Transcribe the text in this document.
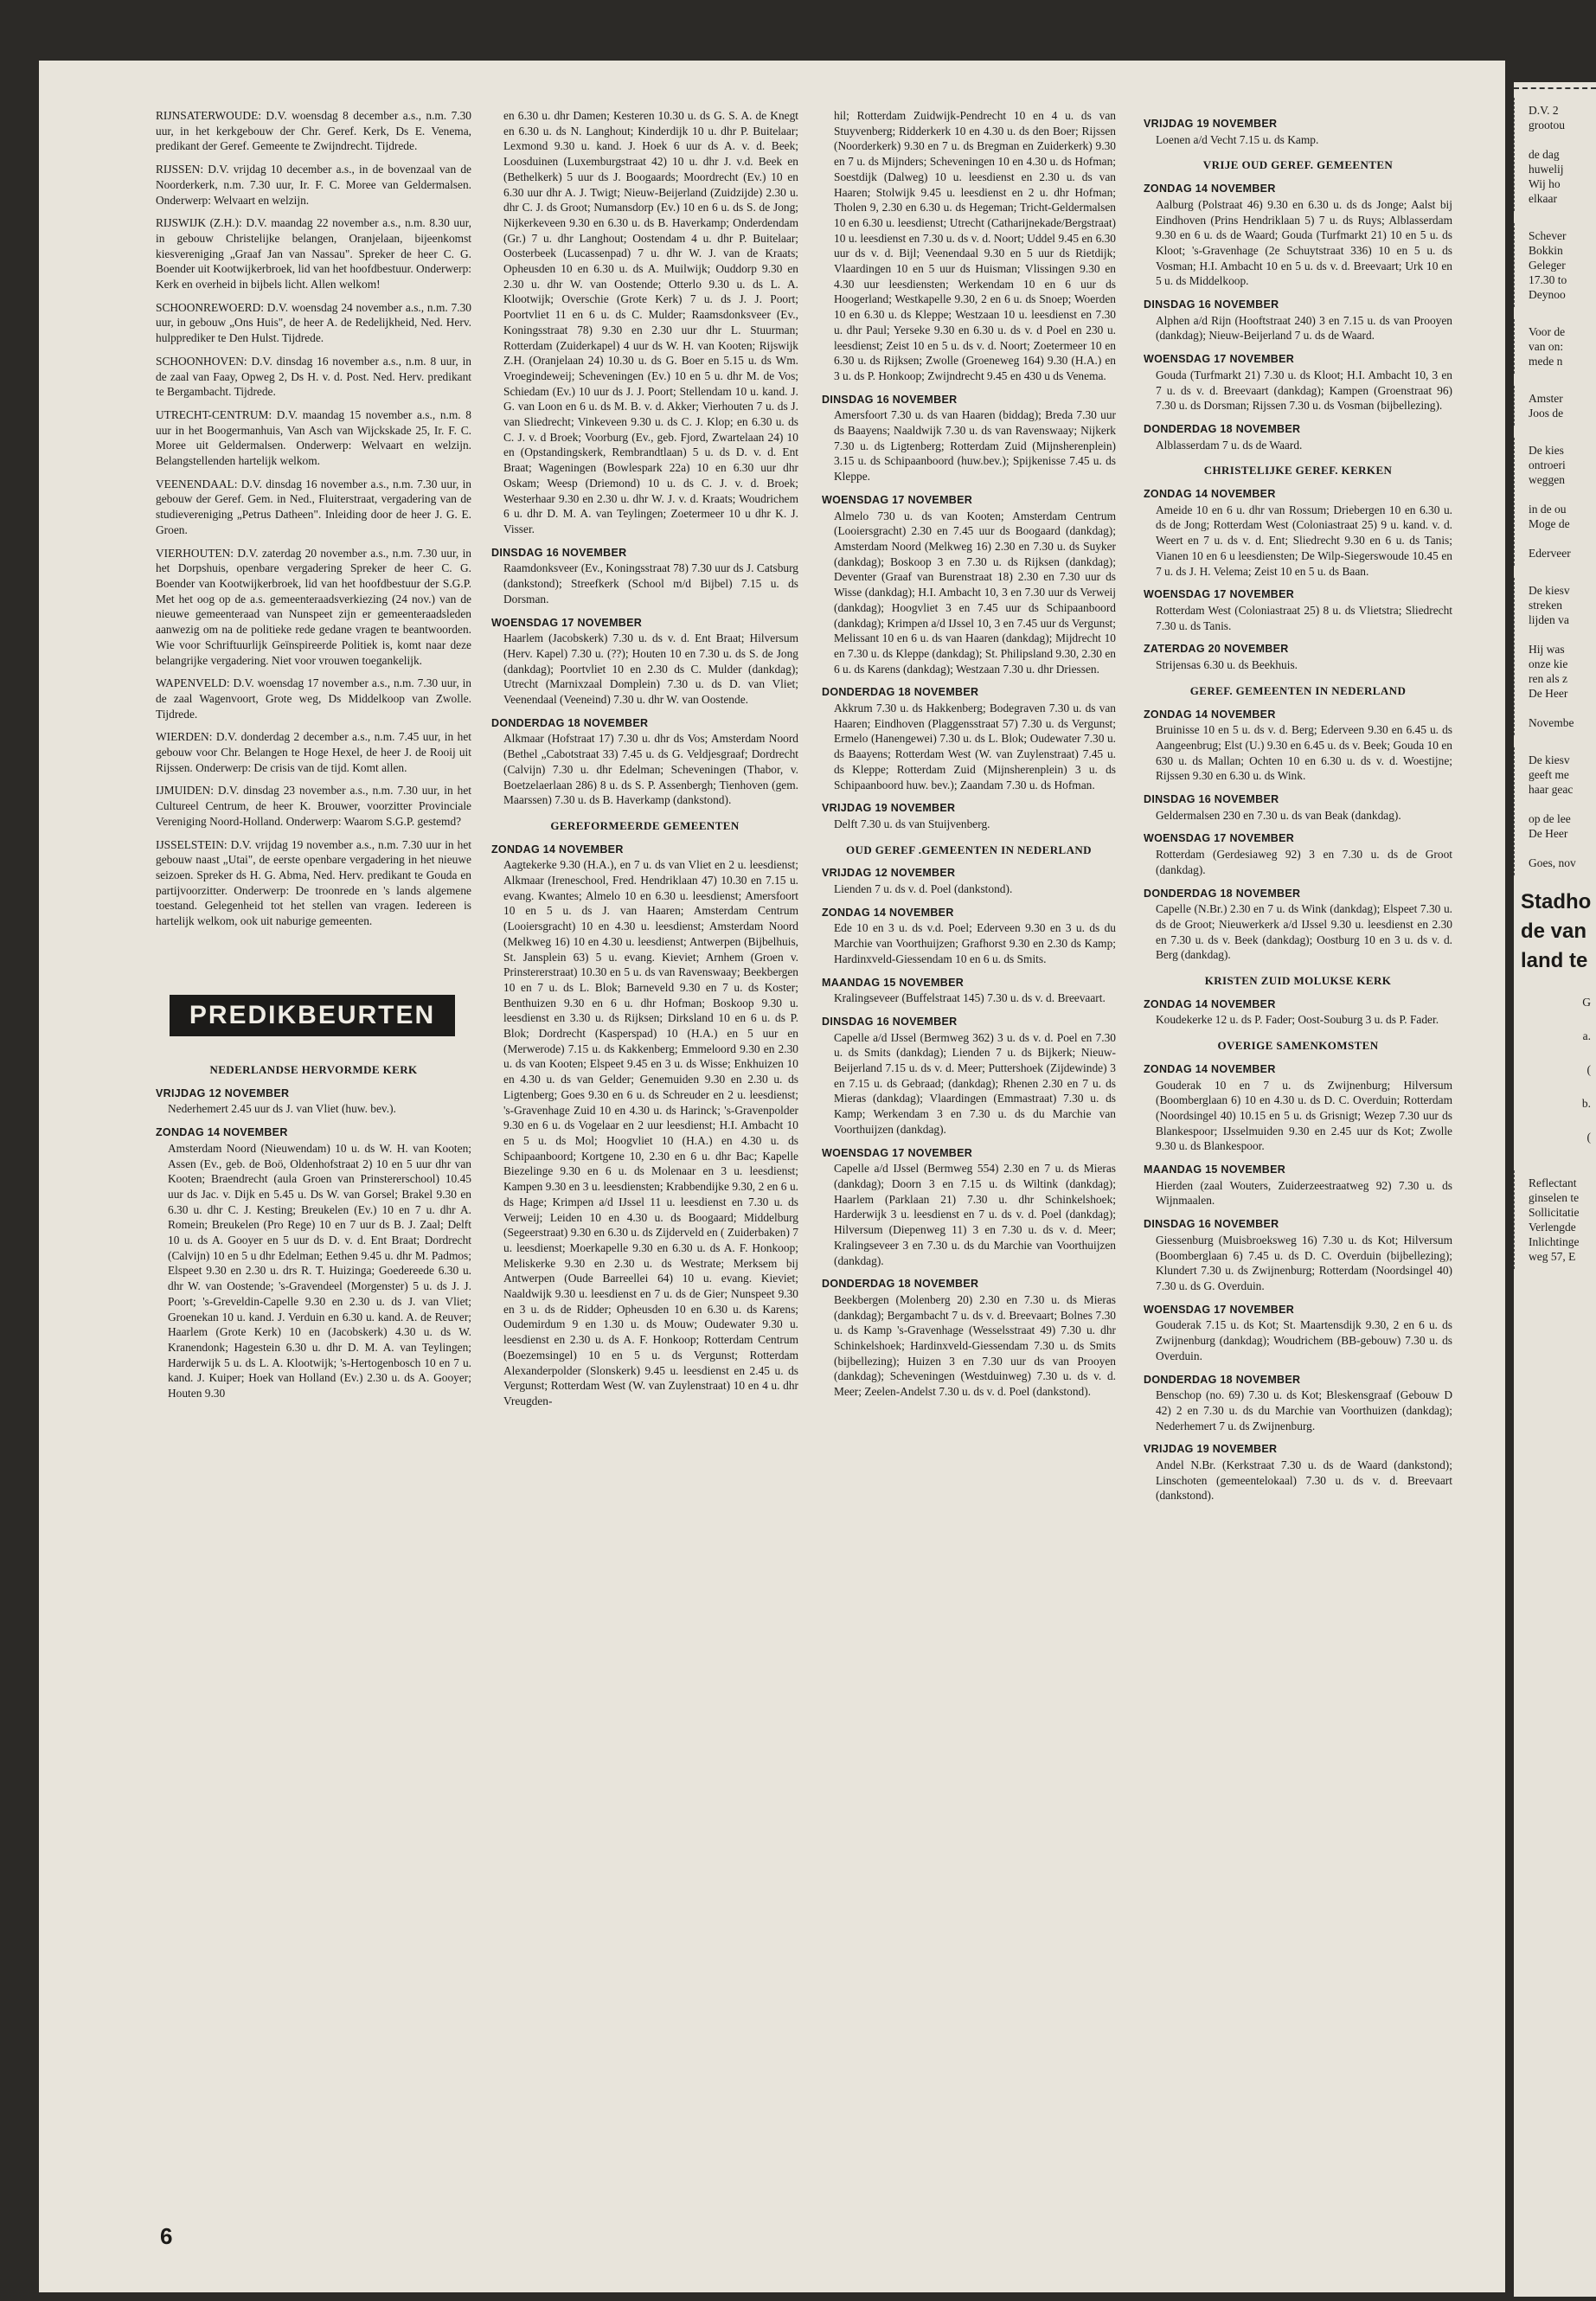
RIJNSATERWOUDE: D.V. woensdag 8 december a.s., n.m. 7.30 uur, in het kerkgebouw der Chr. Geref. Kerk, Ds E. Venema, predikant der Geref. Gemeente te Zwijndrecht. Tijdrede.

RIJSSEN: D.V. vrijdag 10 december a.s., in de bovenzaal van de Noorderkerk, n.m. 7.30 uur, Ir. F. C. Moree van Geldermalsen. Onderwerp: Welvaart en welzijn.

RIJSWIJK (Z.H.): D.V. maandag 22 november a.s., n.m. 8.30 uur, in gebouw Christelijke belangen, Oranjelaan, bijeenkomst kiesvereniging „Graaf Jan van Nassau". Spreker de heer C. G. Boender uit Kootwijkerbroek, lid van het hoofdbestuur. Onderwerp: Kerk en overheid in bijbels licht. Allen welkom!

SCHOONREWOERD: D.V. woensdag 24 november a.s., n.m. 7.30 uur, in gebouw „Ons Huis", de heer A. de Redelijkheid, Ned. Herv. hulpprediker te Den Hulst. Tijdrede.

SCHOONHOVEN: D.V. dinsdag 16 november a.s., n.m. 8 uur, in de zaal van Faay, Opweg 2, Ds H. v. d. Post. Ned. Herv. predikant te Bergambacht. Tijdrede.

UTRECHT-CENTRUM: D.V. maandag 15 november a.s., n.m. 8 uur in het Boogermanhuis, Van Asch van Wijckskade 25, Ir. F. C. Moree uit Geldermalsen. Onderwerp: Welvaart en welzijn. Belangstellenden hartelijk welkom.

VEENENDAAL: D.V. dinsdag 16 november a.s., n.m. 7.30 uur, in gebouw der Geref. Gem. in Ned., Fluiterstraat, vergadering van de studievereniging „Petrus Datheen". Inleiding door de heer J. G. E. Groen.

VIERHOUTEN: D.V. zaterdag 20 november a.s., n.m. 7.30 uur, in het Dorpshuis, openbare vergadering Spreker de heer C. G. Boender van Kootwijkerbroek, lid van het hoofdbestuur der S.G.P. Met het oog op de a.s. gemeenteraadsverkiezing (24 nov.) van de nieuwe gemeenteraad van Nunspeet zijn er gemeenteraadsleden aanwezig om na de politieke rede gedane vragen te beantwoorden. Wie voor Schriftuurlijk Geïnspireerde Politiek is, komt naar deze belangrijke vergadering. Niet voor vrouwen toegankelijk.

WAPENVELD: D.V. woensdag 17 november a.s., n.m. 7.30 uur, in de zaal Wagenvoort, Grote weg, Ds Middelkoop van Zwolle. Tijdrede.

WIERDEN: D.V. donderdag 2 december a.s., n.m. 7.45 uur, in het gebouw voor Chr. Belangen te Hoge Hexel, de heer J. de Rooij uit Rijssen. Onderwerp: De crisis van de tijd. Komt allen.

IJMUIDEN: D.V. dinsdag 23 november a.s., n.m. 7.30 uur, in het Cultureel Centrum, de heer K. Brouwer, voorzitter Provinciale Vereniging Noord-Holland. Onderwerp: Waarom S.G.P. gestemd?

IJSSELSTEIN: D.V. vrijdag 19 november a.s., n.m. 7.30 uur in het gebouw naast „Utai", de eerste openbare vergadering in het nieuwe seizoen. Spreker ds H. G. Abma, Ned. Herv. predikant te Gouda en partijvoorzitter. Onderwerp: De troonrede en 's lands algemene toestand. Gelegenheid tot het stellen van vragen. Iedereen is hartelijk welkom, ook uit naburige gemeenten.

PREDIKBEURTEN
NEDERLANDSE HERVORMDE KERK
VRIJDAG 12 NOVEMBER

Nederhemert 2.45 uur ds J. van Vliet (huw. bev.).

ZONDAG 14 NOVEMBER

Amsterdam Noord (Nieuwendam) 10 u. ds W. H. van Kooten; Assen (Ev., geb. de Boö, Oldenhofstraat 2) 10 en 5 uur dhr van Kooten; Braendrecht (aula Groen van Prinstererschool) 10.45 uur ds Jac. v. Dijk en 5.45 u. Ds W. van Gorsel; Brakel 9.30 en 6.30 u. dhr C. J. Kesting; Breukelen (Ev.) 10 en 7 u. dhr A. Romein; Breukelen (Pro Rege) 10 en 7 uur ds B. J. Zaal; Delft 10 u. ds A. Gooyer en 5 uur ds D. v. d. Ent Braat; Dordrecht (Calvijn) 10 en 5 u dhr Edelman; Eethen 9.45 u. dhr M. Padmos; Elspeet 9.30 en 2.30 u. drs R. T. Huizinga; Goedereede 6.30 u. dhr W. van Oostende; 's-Gravendeel (Morgenster) 5 u. ds J. J. Poort; 's-Greveldin-Capelle 9.30 en 2.30 u. ds J. van Vliet; Groenekan 10 u. kand. J. Verduin en 6.30 u. kand. A. de Reuver; Haarlem (Grote Kerk) 10 en (Jacobskerk) 4.30 u. ds W. Kranendonk; Hagestein 6.30 u. dhr D. M. A. van Teylingen; Harderwijk 5 u. ds L. A. Klootwijk; 's-Hertogenbosch 10 en 7 u. kand. J. Kuiper; Hoek van Holland (Ev.) 2.30 u. ds A. Gooyer; Houten 9.30

en 6.30 u. dhr Damen; Kesteren 10.30 u. ds G. S. A. de Knegt en 6.30 u. ds N. Langhout; Kinderdijk 10 u. dhr P. Buitelaar; Lexmond 9.30 u. kand. J. Hoek 6 uur ds A. v. d. Beek; Loosduinen (Luxemburgstraat 42) 10 u. dhr J. v.d. Beek en (Bethelkerk) 5 uur ds J. Boogaards; Moordrecht (Ev.) 10 en 6.30 uur dhr A. J. Twigt; Nieuw-Beijerland (Zuidzijde) 2.30 u. dhr C. J. ds Groot; Numansdorp (Ev.) 10 en 6 u. ds S. de Jong; Nijkerkeveen 9.30 en 6.30 u. ds B. Haverkamp; Onderdendam (Gr.) 7 u. dhr Langhout; Oostendam 4 u. dhr P. Buitelaar; Oosterbeek (Lucassenpad) 7 u. dhr W. J. van de Kraats; Opheusden 10 en 6.30 u. ds A. Muilwijk; Ouddorp 9.30 en 2.30 u. dhr W. van Oostende; Otterlo 9.30 u. ds L. A. Klootwijk; Overschie (Grote Kerk) 7 u. ds J. J. Poort; Poortvliet 11 en 6 u. ds C. Mulder; Raamsdonksveer (Ev., Koningsstraat 78) 9.30 en 2.30 uur dhr L. Stuurman; Rotterdam (Zuiderkapel) 4 uur ds W. H. van Kooten; Rijswijk Z.H. (Oranjelaan 24) 10.30 u. ds G. Boer en 5.15 u. ds Wm. Vroegindeweij; Scheveningen (Ev.) 10 en 5 u. dhr M. de Vos; Schiedam (Ev.) 10 uur ds J. J. Poort; Stellendam 10 u. kand. J. G. van Loon en 6 u. ds M. B. v. d. Akker; Vierhouten 7 u. ds J. van Sliedrecht; Vinkeveen 9.30 u. ds C. J. Klop; en 6.30 u. ds C. J. v. d Broek; Voorburg (Ev., geb. Fjord, Zwartelaan 24) 10 en (Opstandingskerk, Rembrandtlaan) 5 u. ds D. v. d. Ent Braat; Wageningen (Bowlespark 22a) 10 en 6.30 uur dhr Oskam; Weesp (Driemond) 10 u. ds C. J. v. d. Broek; Westerhaar 9.30 en 2.30 u. dhr W. J. v. d. Kraats; Woudrichem 6 u. dhr D. M. A. van Teylingen; Zoetermeer 10 u dhr K. J. Visser.

DINSDAG 16 NOVEMBER

Raamdonksveer (Ev., Koningsstraat 78) 7.30 uur ds J. Catsburg (dankstond); Streefkerk (School m/d Bijbel) 7.15 u. ds Dorsman.

WOENSDAG 17 NOVEMBER

Haarlem (Jacobskerk) 7.30 u. ds v. d. Ent Braat; Hilversum (Herv. Kapel) 7.30 u. (??); Houten 10 en 7.30 u. ds S. de Jong (dankdag); Poortvliet 10 en 2.30 ds C. Mulder (dankdag); Utrecht (Marnixzaal Domplein) 7.30 u. ds D. van Vliet; Veenendaal (Veeneind) 7.30 u. dhr W. van Oostende.

DONDERDAG 18 NOVEMBER

Alkmaar (Hofstraat 17) 7.30 u. dhr ds Vos; Amsterdam Noord (Bethel „Cabotstraat 33) 7.45 u. ds G. Veldjesgraaf; Dordrecht (Calvijn) 7.30 u. dhr Edelman; Scheveningen (Thabor, v. Boetzelaerlaan 286) 8 u. ds S. P. Assenbergh; Tienhoven (gem. Maarssen) 7.30 u. ds B. Haverkamp (dankstond).

GEREFORMEERDE GEMEENTEN
ZONDAG 14 NOVEMBER

Aagtekerke 9.30 (H.A.), en 7 u. ds van Vliet en 2 u. leesdienst; Alkmaar (Ireneschool, Fred. Hendriklaan 47) 10.30 en 7.15 u. evang. Kwantes; Almelo 10 en 6.30 u. leesdienst; Amersfoort 10 en 5 u. ds J. van Haaren; Amsterdam Centrum (Looiersgracht) 10 en 4.30 u. leesdienst; Amsterdam Noord (Melkweg 16) 10 en 4.30 u. leesdienst; Antwerpen (Bijbelhuis, St. Jansplein 63) 5 u. evang. Kieviet; Arnhem (Groen v. Prinstererstraat) 10.30 en 5 u. ds van Ravenswaay; Beekbergen 10 en 7 u. ds L. Blok; Barneveld 9.30 en 7 u. ds Koster; Benthuizen 9.30 en 6 u. dhr Hofman; Boskoop 9.30 u. leesdienst en 3.30 u. ds Rijksen; Dirksland 10 en 6 u. ds P. Blok; Dordrecht (Kasperspad) 10 (H.A.) en 5 uur en (Merwerode) 7.15 u. ds Kakkenberg; Emmeloord 9.30 en 2.30 u. ds van Kooten; Elspeet 9.45 en 3 u. ds Wisse; Enkhuizen 10 en 4.30 u. ds van Gelder; Genemuiden 9.30 en 2.30 u. ds Ligtenberg; Goes 9.30 en 6 u. ds Schreuder en 2 u. leesdienst; 's-Gravenhage Zuid 10 en 4.30 u. ds Harinck; 's-Gravenpolder 9.30 en 6 u. ds Vogelaar en 2 uur leesdienst; H.I. Ambacht 10 en 5 u. ds Mol; Hoogvliet 10 (H.A.) en 4.30 u. ds Schipaanboord; Kortgene 10, 2.30 en 6 u. dhr Bac; Kapelle Biezelinge 9.30 en 6 u. ds Molenaar en 3 u. leesdienst; Kampen 9.30 en 3 u. leesdiensten; Krabbendijke 9.30, 2 en 6 u. ds Hage; Krimpen a/d IJssel 11 u. leesdienst en 7.30 u. ds Verweij; Leiden 10 en 4.30 u. ds Boogaard; Middelburg (Segeerstraat) 9.30 en 6.30 u. ds Zijderveld en ( Zuiderbaken) 7 u. leesdienst; Moerkapelle 9.30 en 6.30 u. ds A. F. Honkoop; Meliskerke 9.30 en 2.30 u. ds Westrate; Merksem bij Antwerpen (Oude Barreellei 64) 10 u. evang. Kieviet; Naaldwijk 9.30 u. leesdienst en 7 u. ds de Gier; Nunspeet 9.30 en 3 u. ds de Ridder; Opheusden 10 en 6.30 u. ds Karens; Oudemirdum 9 en 1.30 u. ds Mouw; Oudewater 9.30 u. leesdienst en 2.30 u. ds A. F. Honkoop; Rotterdam Centrum (Boezemsingel) 10 en 5 u. ds Vergunst; Rotterdam Alexanderpolder (Slonskerk) 9.45 u. leesdienst en 2.45 u. ds Vergunst; Rotterdam West (W. van Zuylenstraat) 10 en 4 u. dhr Vreugden-

hil; Rotterdam Zuidwijk-Pendrecht 10 en 4 u. ds van Stuyvenberg; Ridderkerk 10 en 4.30 u. ds den Boer; Rijssen (Noorderkerk) 9.30 en 7 u. ds Bregman en Zuiderkerk) 9.30 en 7 u. ds Mijnders; Scheveningen 10 en 4.30 u. ds Hofman; Soestdijk (Dalweg) 10 u. leesdienst en 2.30 u. ds van Haaren; Stolwijk 9.45 u. leesdienst en 2 u. dhr Hofman; Tholen 9, 2.30 en 6.30 u. ds Hegeman; Tricht-Geldermalsen 10 en 6.30 u. leesdienst; Utrecht (Catharijnekade/Bergstraat) 10 u. leesdienst en 7.30 u. ds v. d. Noort; Uddel 9.45 en 6.30 uur ds v. d. Bijl; Veenendaal 9.30 en 5 uur ds Rietdijk; Vlaardingen 10 en 5 uur ds Huisman; Vlissingen 9.30 en 4.30 uur leesdiensten; Werkendam 10 en 6 uur ds Hoogerland; Westkapelle 9.30, 2 en 6 u. ds Snoep; Woerden 10 en 6.30 u. ds Kleppe; Westzaan 10 u. leesdienst en 7.30 u. dhr Paul; Yerseke 9.30 en 6.30 u. ds v. d Poel en 230 u. leesdienst; Zeist 10 en 5 u. ds v. d. Noort; Zoetermeer 10 en 6.30 u. ds Rijksen; Zwolle (Groeneweg 164) 9.30 (H.A.) en 3 u. ds P. Honkoop; Zwijndrecht 9.45 en 430 u ds Venema.

DINSDAG 16 NOVEMBER

Amersfoort 7.30 u. ds van Haaren (biddag); Breda 7.30 uur ds Baayens; Naaldwijk 7.30 u. ds van Ravenswaay; Nijkerk 7.30 u. ds Ligtenberg; Rotterdam Zuid (Mijnsherenplein) 3.15 u. ds Schipaanboord (huw.bev.); Spijkenisse 7.45 u. ds Kleppe.

WOENSDAG 17 NOVEMBER

Almelo 730 u. ds van Kooten; Amsterdam Centrum (Looiersgracht) 2.30 en 7.45 uur ds Boogaard (dankdag); Amsterdam Noord (Melkweg 16) 2.30 en 7.30 u. ds Suyker (dankdag); Boskoop 3 en 7.30 u. ds Rijksen (dankdag); Deventer (Graaf van Burenstraat 18) 2.30 en 7.30 uur ds Wisse (dankdag); H.I. Ambacht 10, 3 en 7.30 uur ds Verweij (dankdag); Hoogvliet 3 en 7.45 uur ds Schipaanboord (dankdag); Krimpen a/d IJssel 10, 3 en 7.45 uur ds Vergunst; Melissant 10 en 6 u. ds van Haaren (dankdag); Mijdrecht 10 en 7.30 u. ds Kleppe (dankdag); St. Philipsland 9.30, 2.30 en 6 u. ds Karens (dankdag); Westzaan 7.30 u. dhr Driessen.

DONDERDAG 18 NOVEMBER

Akkrum 7.30 u. ds Hakkenberg; Bodegraven 7.30 u. ds van Haaren; Eindhoven (Plaggensstraat 57) 7.30 u. ds Vergunst; Ermelo (Hanengewei) 7.30 u. ds L. Blok; Oudewater 7.30 u. ds Baayens; Rotterdam West (W. van Zuylenstraat) 7.45 u. ds Kleppe; Rotterdam Zuid (Mijnsherenplein) 3 u. ds Schipaanboord huw. bev.); Zaandam 7.30 u. ds Hofman.

VRIJDAG 19 NOVEMBER

Delft 7.30 u. ds van Stuijvenberg.

OUD GEREF .GEMEENTEN IN NEDERLAND
VRIJDAG 12 NOVEMBER

Lienden 7 u. ds v. d. Poel (dankstond).

ZONDAG 14 NOVEMBER

Ede 10 en 3 u. ds v.d. Poel; Ederveen 9.30 en 3 u. ds du Marchie van Voorthuijzen; Grafhorst 9.30 en 2.30 ds Kamp; Hardinxveld-Giessendam 10 en 6 u. ds Smits.

MAANDAG 15 NOVEMBER

Kralingseveer (Buffelstraat 145) 7.30 u. ds v. d. Breevaart.

DINSDAG 16 NOVEMBER

Capelle a/d IJssel (Bermweg 362) 3 u. ds v. d. Poel en 7.30 u. ds Smits (dankdag); Lienden 7 u. ds Bijkerk; Nieuw-Beijerland 7.15 u. ds v. d. Meer; Puttershoek (Zijdewinde) 3 en 7.15 u. ds Gebraad; (dankdag); Rhenen 2.30 en 7 u. ds Mieras (dankdag); Vlaardingen (Emmastraat) 7.30 u. ds Kamp; Werkendam 3 en 7.30 u. ds du Marchie van Voorthuijzen (dankdag).

WOENSDAG 17 NOVEMBER

Capelle a/d IJssel (Bermweg 554) 2.30 en 7 u. ds Mieras (dankdag); Doorn 3 en 7.15 u. ds Wiltink (dankdag); Haarlem (Parklaan 21) 7.30 u. dhr Schinkelshoek; Harderwijk 3 u. leesdienst en 7 u. ds v. d. Poel (dankdag); Hilversum (Diepenweg 11) 3 en 7.30 u. ds v. d. Meer; Kralingseveer 3 en 7.30 u. ds du Marchie van Voorthuijzen (dankdag).

DONDERDAG 18 NOVEMBER

Beekbergen (Molenberg 20) 2.30 en 7.30 u. ds Mieras (dankdag); Bergambacht 7 u. ds v. d. Breevaart; Bolnes 7.30 u. ds Kamp 's-Gravenhage (Wesselsstraat 49) 7.30 u. dhr Schinkelshoek; Hardinxveld-Giessendam 7.30 u. ds Smits (bijbellezing); Huizen 3 en 7.30 uur ds van Prooyen (dankdag); Scheveningen (Westduinweg) 7.30 u. ds v. d. Meer; Zeelen-Andelst 7.30 u. ds v. d. Poel (dankstond).

VRIJDAG 19 NOVEMBER

Loenen a/d Vecht 7.15 u. ds Kamp.

VRIJE OUD GEREF. GEMEENTEN
ZONDAG 14 NOVEMBER

Aalburg (Polstraat 46) 9.30 en 6.30 u. ds ds Jonge; Aalst bij Eindhoven (Prins Hendriklaan 5) 7 u. ds Ruys; Alblasserdam 9.30 en 6 u. ds de Waard; Gouda (Turfmarkt 21) 10 en 5 u. ds Kloot; 's-Gravenhage (2e Schuytstraat 336) 10 en 5 u. ds Vosman; H.I. Ambacht 10 en 5 u. ds v. d. Breevaart; Urk 10 en 5 u. ds Middelkoop.

DINSDAG 16 NOVEMBER

Alphen a/d Rijn (Hooftstraat 240) 3 en 7.15 u. ds van Prooyen (dankdag); Nieuw-Beijerland 7 u. ds de Waard.

WOENSDAG 17 NOVEMBER

Gouda (Turfmarkt 21) 7.30 u. ds Kloot; H.I. Ambacht 10, 3 en 7 u. ds v. d. Breevaart (dankdag); Kampen (Groenstraat 96) 7.30 u. ds Dorsman; Rijssen 7.30 u. ds Vosman (bijbellezing).

DONDERDAG 18 NOVEMBER

Alblasserdam 7 u. ds de Waard.

CHRISTELIJKE GEREF. KERKEN
ZONDAG 14 NOVEMBER

Ameide 10 en 6 u. dhr van Rossum; Driebergen 10 en 6.30 u. ds de Jong; Rotterdam West (Coloniastraat 25) 9 u. kand. v. d. Weert en 7 u. ds v. d. Ent; Sliedrecht 9.30 en 6 u. ds Tanis; Vianen 10 en 6 u leesdiensten; De Wilp-Siegerswoude 10.45 en 7 u. ds J. H. Velema; Zeist 10 en 5 u. ds Baan.

WOENSDAG 17 NOVEMBER

Rotterdam West (Coloniastraat 25) 8 u. ds Vlietstra; Sliedrecht 7.30 u. ds Tanis.

ZATERDAG 20 NOVEMBER

Strijensas 6.30 u. ds Beekhuis.

GEREF. GEMEENTEN IN NEDERLAND
ZONDAG 14 NOVEMBER

Bruinisse 10 en 5 u. ds v. d. Berg; Ederveen 9.30 en 6.45 u. ds Aangeenbrug; Elst (U.) 9.30 en 6.45 u. ds v. Beek; Gouda 10 en 630 u. ds Mallan; Ochten 10 en 6.30 u. ds v. d. Woestijne; Rijssen 9.30 en 6.30 u. ds Wink.

DINSDAG 16 NOVEMBER

Geldermalsen 230 en 7.30 u. ds van Beak (dankdag).

WOENSDAG 17 NOVEMBER

Rotterdam (Gerdesiaweg 92) 3 en 7.30 u. ds de Groot (dankdag).

DONDERDAG 18 NOVEMBER

Capelle (N.Br.) 2.30 en 7 u. ds Wink (dankdag); Elspeet 7.30 u. ds de Groot; Nieuwerkerk a/d IJssel 9.30 u. leesdienst en 2.30 en 7.30 u. ds v. Beek (dankdag); Oostburg 10 en 3 u. ds v. d. Berg (dankdag).

KRISTEN ZUID MOLUKSE KERK
ZONDAG 14 NOVEMBER

Koudekerke 12 u. ds P. Fader; Oost-Souburg 3 u. ds P. Fader.

OVERIGE SAMENKOMSTEN
ZONDAG 14 NOVEMBER

Gouderak 10 en 7 u. ds Zwijnenburg; Hilversum (Boomberglaan 6) 10 en 4.30 u. ds D. C. Overduin; Rotterdam (Noordsingel 40) 10.15 en 5 u. ds Grisnigt; Wezep 7.30 uur ds Blankespoor; IJsselmuiden 9.30 en 2.45 uur ds Kot; Zwolle 9.30 u. ds Blankespoor.

MAANDAG 15 NOVEMBER

Hierden (zaal Wouters, Zuiderzeestraatweg 92) 7.30 u. ds Wijnmaalen.

DINSDAG 16 NOVEMBER

Giessenburg (Muisbroeksweg 16) 7.30 u. ds Kot; Hilversum (Boomberglaan 6) 7.45 u. ds D. C. Overduin (bijbellezing); Klundert 7.30 u. ds Zwijnenburg; Rotterdam (Noordsingel 40) 7.30 u. ds G. Overduin.

WOENSDAG 17 NOVEMBER

Gouderak 7.15 u. ds Kot; St. Maartensdijk 9.30, 2 en 6 u. ds Zwijnenburg (dankdag); Woudrichem (BB-gebouw) 7.30 u. ds Overduin.

DONDERDAG 18 NOVEMBER

Benschop (no. 69) 7.30 u. ds Kot; Bleskensgraaf (Gebouw D 42) 2 en 7.30 u. ds du Marchie van Voorthuizen (dankdag); Nederhemert 7 u. ds Zwijnenburg.

VRIJDAG 19 NOVEMBER

Andel N.Br. (Kerkstraat 7.30 u. ds de Waard (dankstond); Linschoten (gemeentelokaal) 7.30 u. ds v. d. Breevaart (dankstond).

6
D.V. 2
grootou

de dag
huwelij
Wij ho
elkaar
Schever
Bokkin
Geleger
17.30 to
Deynoo
Voor de
van on:
mede n
Amster
Joos de
De kies
ontroeri
weggen

in de ou
Moge de

Ederveer
De kiesv
streken
lijden va

Hij was
onze kie
ren als z
De Heer

Novembe
De kiesv
geeft me
haar geac

op de lee
De Heer

Goes, nov
Stadho
de van
land te
G
a.
(
b.
(
Reflectant
ginselen te
Sollicitatie
Verlengde
Inlichtinge
weg 57, E
